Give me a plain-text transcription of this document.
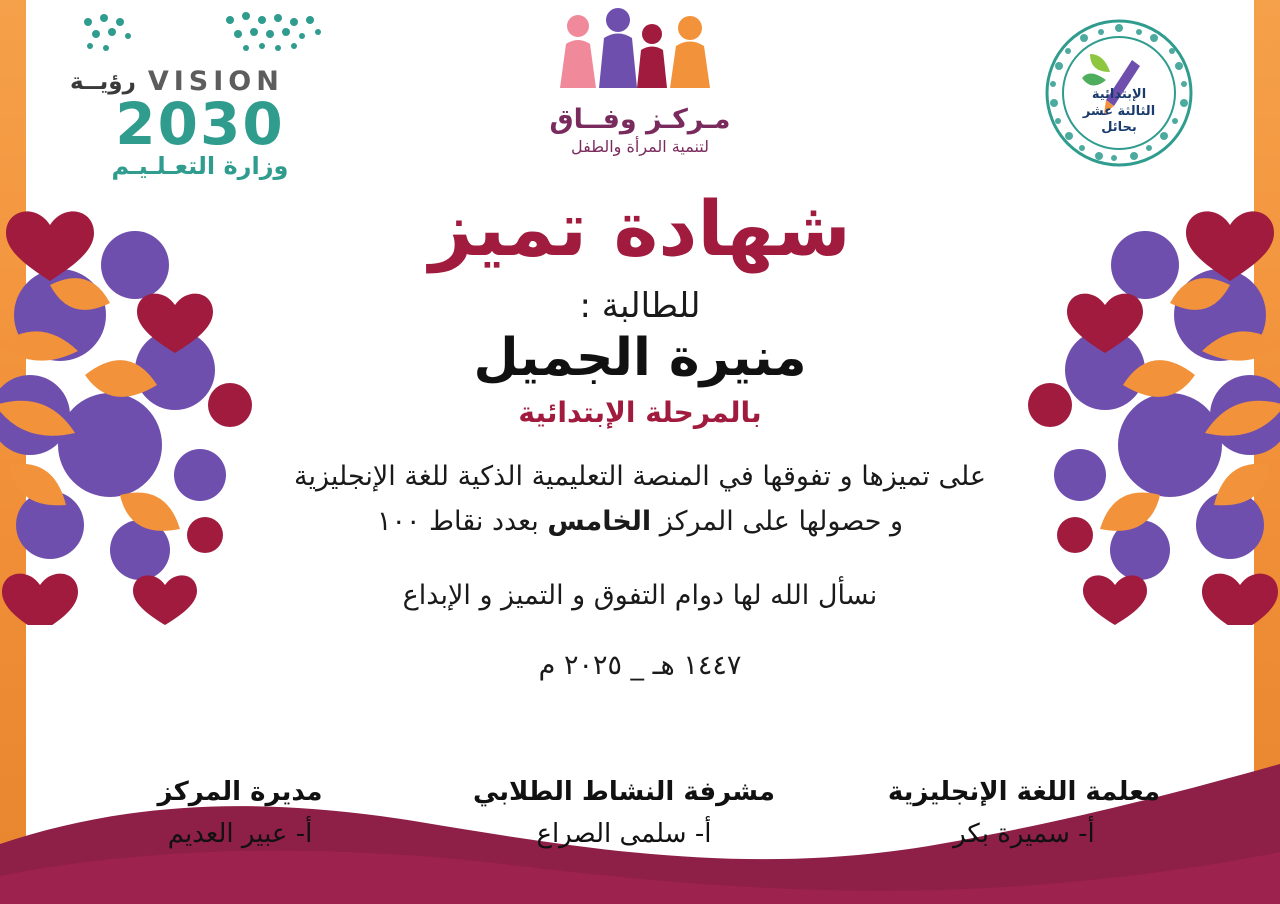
الإبتدائية
الثالثة عشر
بحائل
مـركـز وفــاق
لتنمية المرأة والطفل
VISION
رؤيــة
2030
وزارة التعـلـيـم
شهادة تميز
للطالبة :
منيرة الجميل
بالمرحلة الإبتدائية
على تميزها و تفوقها في المنصة التعليمية الذكية للغة الإنجليزية
و حصولها على المركز الخامس بعدد نقاط ١٠٠
نسأل الله لها دوام التفوق و التميز و الإبداع
١٤٤٧ هـ _ ٢٠٢٥ م
معلمة اللغة الإنجليزية
أ- سميرة بكر
مشرفة النشاط الطلابي
أ- سلمى الصراع
مديرة المركز
أ- عبير العديم
